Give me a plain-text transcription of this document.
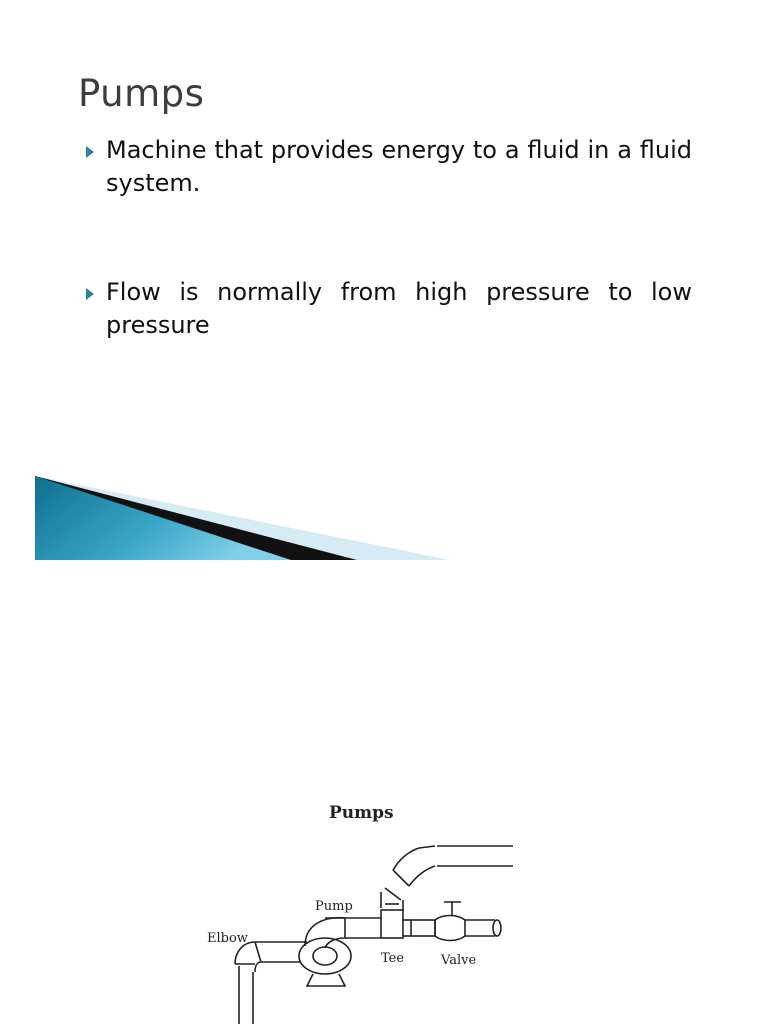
Pumps
Machine that provides energy to a fluid in a fluid system.
Flow is normally from high pressure to low pressure
Pumps
Elbow
Pump
Tee	Valve
